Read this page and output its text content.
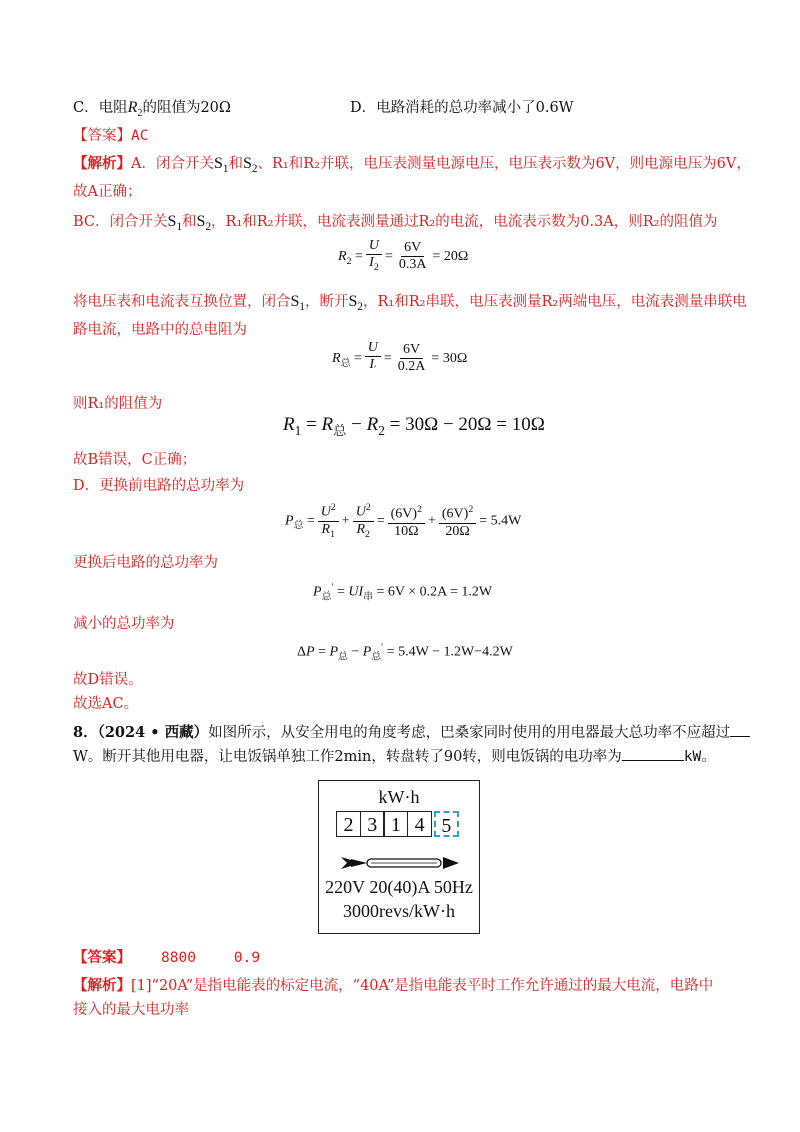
C．电阻$R_2$的阻值为20Ω	D．电路消耗的总功率减小了0.6W
【答案】AC
【解析】A．闭合开关$S_1$和$S_2$、R₁和R₂并联，电压表测量电源电压，电压表示数为6V，则电源电压为6V，
故A正确；
BC．闭合开关$S_1$和$S_2$，R₁和R₂并联，电流表测量通过R₂的电流，电流表示数为0.3A，则R₂的阻值为
$R_2 = \frac{U}{I_2} = \frac{6V}{0.3A} = 20\Omega$
将电压表和电流表互换位置，闭合$S_1$，断开$S_2$，R₁和R₂串联，电压表测量R₂两端电压，电流表测量串联电
路电流，电路中的总电阻为
$R_总 = \frac{U}{I'} = \frac{6V}{0.2A} = 30\Omega$
则R₁的阻值为
$R_1 = R_总 - R_2 = 30\Omega - 20\Omega = 10\Omega$
故B错误，C正确；
D．更换前电路的总功率为
$P_总 = \frac{U^2}{R_1} + \frac{U^2}{R_2} = \frac{(6V)^2}{10\Omega} + \frac{(6V)^2}{20\Omega} = 5.4W$
更换后电路的总功率为
$P_总' = UI_串 = 6V \times 0.2A = 1.2W$
减小的总功率为
$\Delta P = P_总 - P_总' = 5.4W - 1.2W-4.2W$
故D错误。
故选AC。
8．（2024 • 西藏）如图所示，从安全用电的角度考虑，巴桑家同时使用的用电器最大总功率不应超过
W。断开其他用电器，让电饭锅单独工作2min，转盘转了90转，则电饭锅的电功率为	kW。
kW·h
2 3 1 4 5
220V 20(40)A 50Hz
3000revs/kW·h
【答案】 8800	0.9
【解析】[1]“20A”是指电能表的标定电流，“40A”是指电能表平时工作允许通过的最大电流，电路中
接入的最大电功率
